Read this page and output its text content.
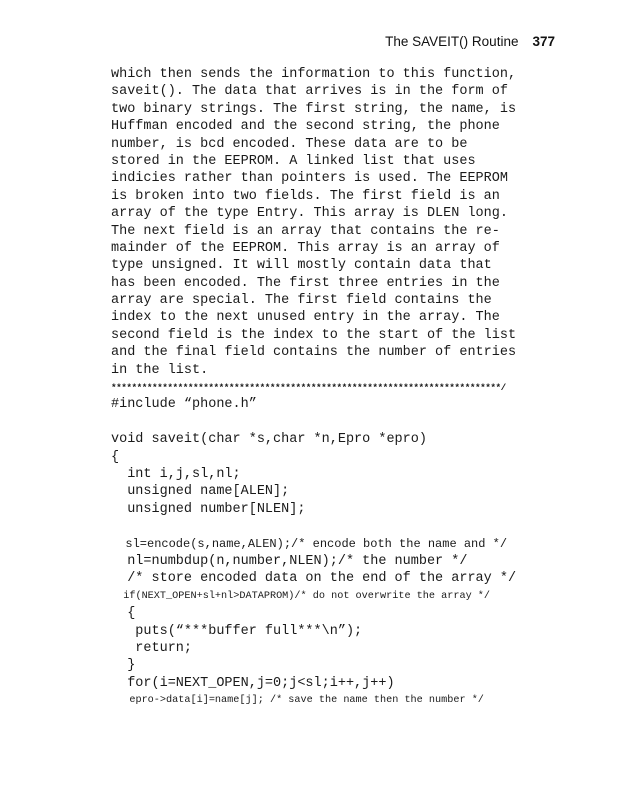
The SAVEIT() Routine 377
which then sends the information to this function,
saveit(). The data that arrives is in the form of
two binary strings. The first string, the name, is
Huffman encoded and the second string, the phone
number, is bcd encoded. These data are to be
stored in the EEPROM. A linked list that uses
indicies rather than pointers is used. The EEPROM
is broken into two fields. The first field is an
array of the type Entry. This array is DLEN long.
The next field is an array that contains the re-
mainder of the EEPROM. This array is an array of
type unsigned. It will mostly contain data that
has been encoded. The first three entries in the
array are special. The first field contains the
index to the next unused entry in the array. The
second field is the index to the start of the list
and the final field contains the number of entries
in the list.
****************************************************************************/
#include “phone.h”
void saveit(char *s,char *n,Epro *epro)
{
int i,j,sl,nl;
unsigned name[ALEN];
unsigned number[NLEN];
sl=encode(s,name,ALEN);/* encode both the name and */
nl=numbdup(n,number,NLEN);/* the number */
/* store encoded data on the end of the array */
if(NEXT_OPEN+sl+nl>DATAPROM)/* do not overwrite the array */
{
puts(“***buffer full***\n”);
return;
}
for(i=NEXT_OPEN,j=0;j<sl;i++,j++)
epro->data[i]=name[j]; /* save the name then the number */
